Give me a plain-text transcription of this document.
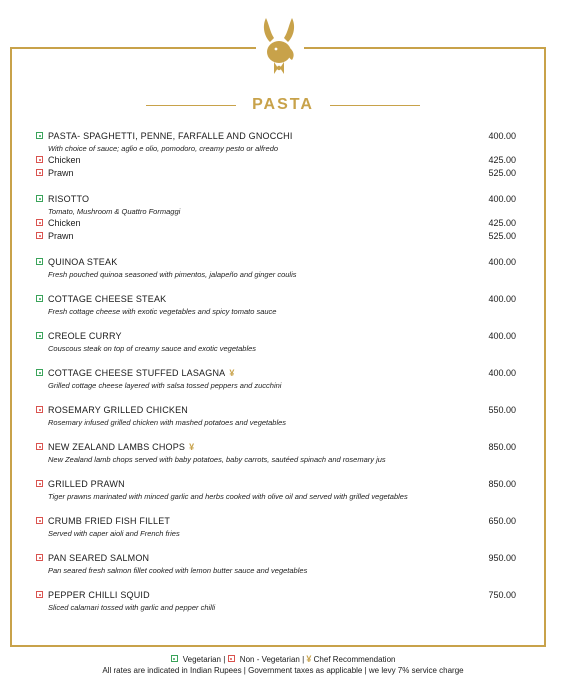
PASTA
PASTA- SPAGHETTI, PENNE, FARFALLE AND GNOCCHI	400.00
With choice of sauce; aglio e olio, pomodoro, creamy pesto or alfredo
Chicken	425.00
Prawn	525.00
RISOTTO	400.00
Tomato, Mushroom & Quattro Formaggi
Chicken	425.00
Prawn	525.00
QUINOA STEAK	400.00
Fresh pouched quinoa seasoned with pimentos, jalapeño and ginger coulis
COTTAGE CHEESE STEAK	400.00
Fresh cottage cheese with exotic vegetables and spicy tomato sauce
CREOLE CURRY	400.00
Couscous steak on top of creamy sauce and exotic vegetables
COTTAGE CHEESE STUFFED LASAGNA ¥	400.00
Grilled cottage cheese layered with salsa tossed peppers and zucchini
ROSEMARY GRILLED CHICKEN	550.00
Rosemary infused grilled chicken with mashed potatoes and vegetables
NEW ZEALAND LAMBS CHOPS ¥	850.00
New Zealand lamb chops served with baby potatoes, baby carrots, sautéed spinach and rosemary jus
GRILLED PRAWN	850.00
Tiger prawns marinated with minced garlic and herbs cooked with olive oil and served with grilled vegetables
CRUMB FRIED FISH FILLET	650.00
Served with caper aioli and French fries
PAN SEARED SALMON	950.00
Pan seared fresh salmon fillet cooked with lemon butter sauce and vegetables
PEPPER CHILLI SQUID	750.00
Sliced calamari tossed with garlic and pepper chilli
Vegetarian | Non - Vegetarian | ¥ Chef Recommendation
All rates are indicated in Indian Rupees | Government taxes as applicable | we levy 7% service charge
